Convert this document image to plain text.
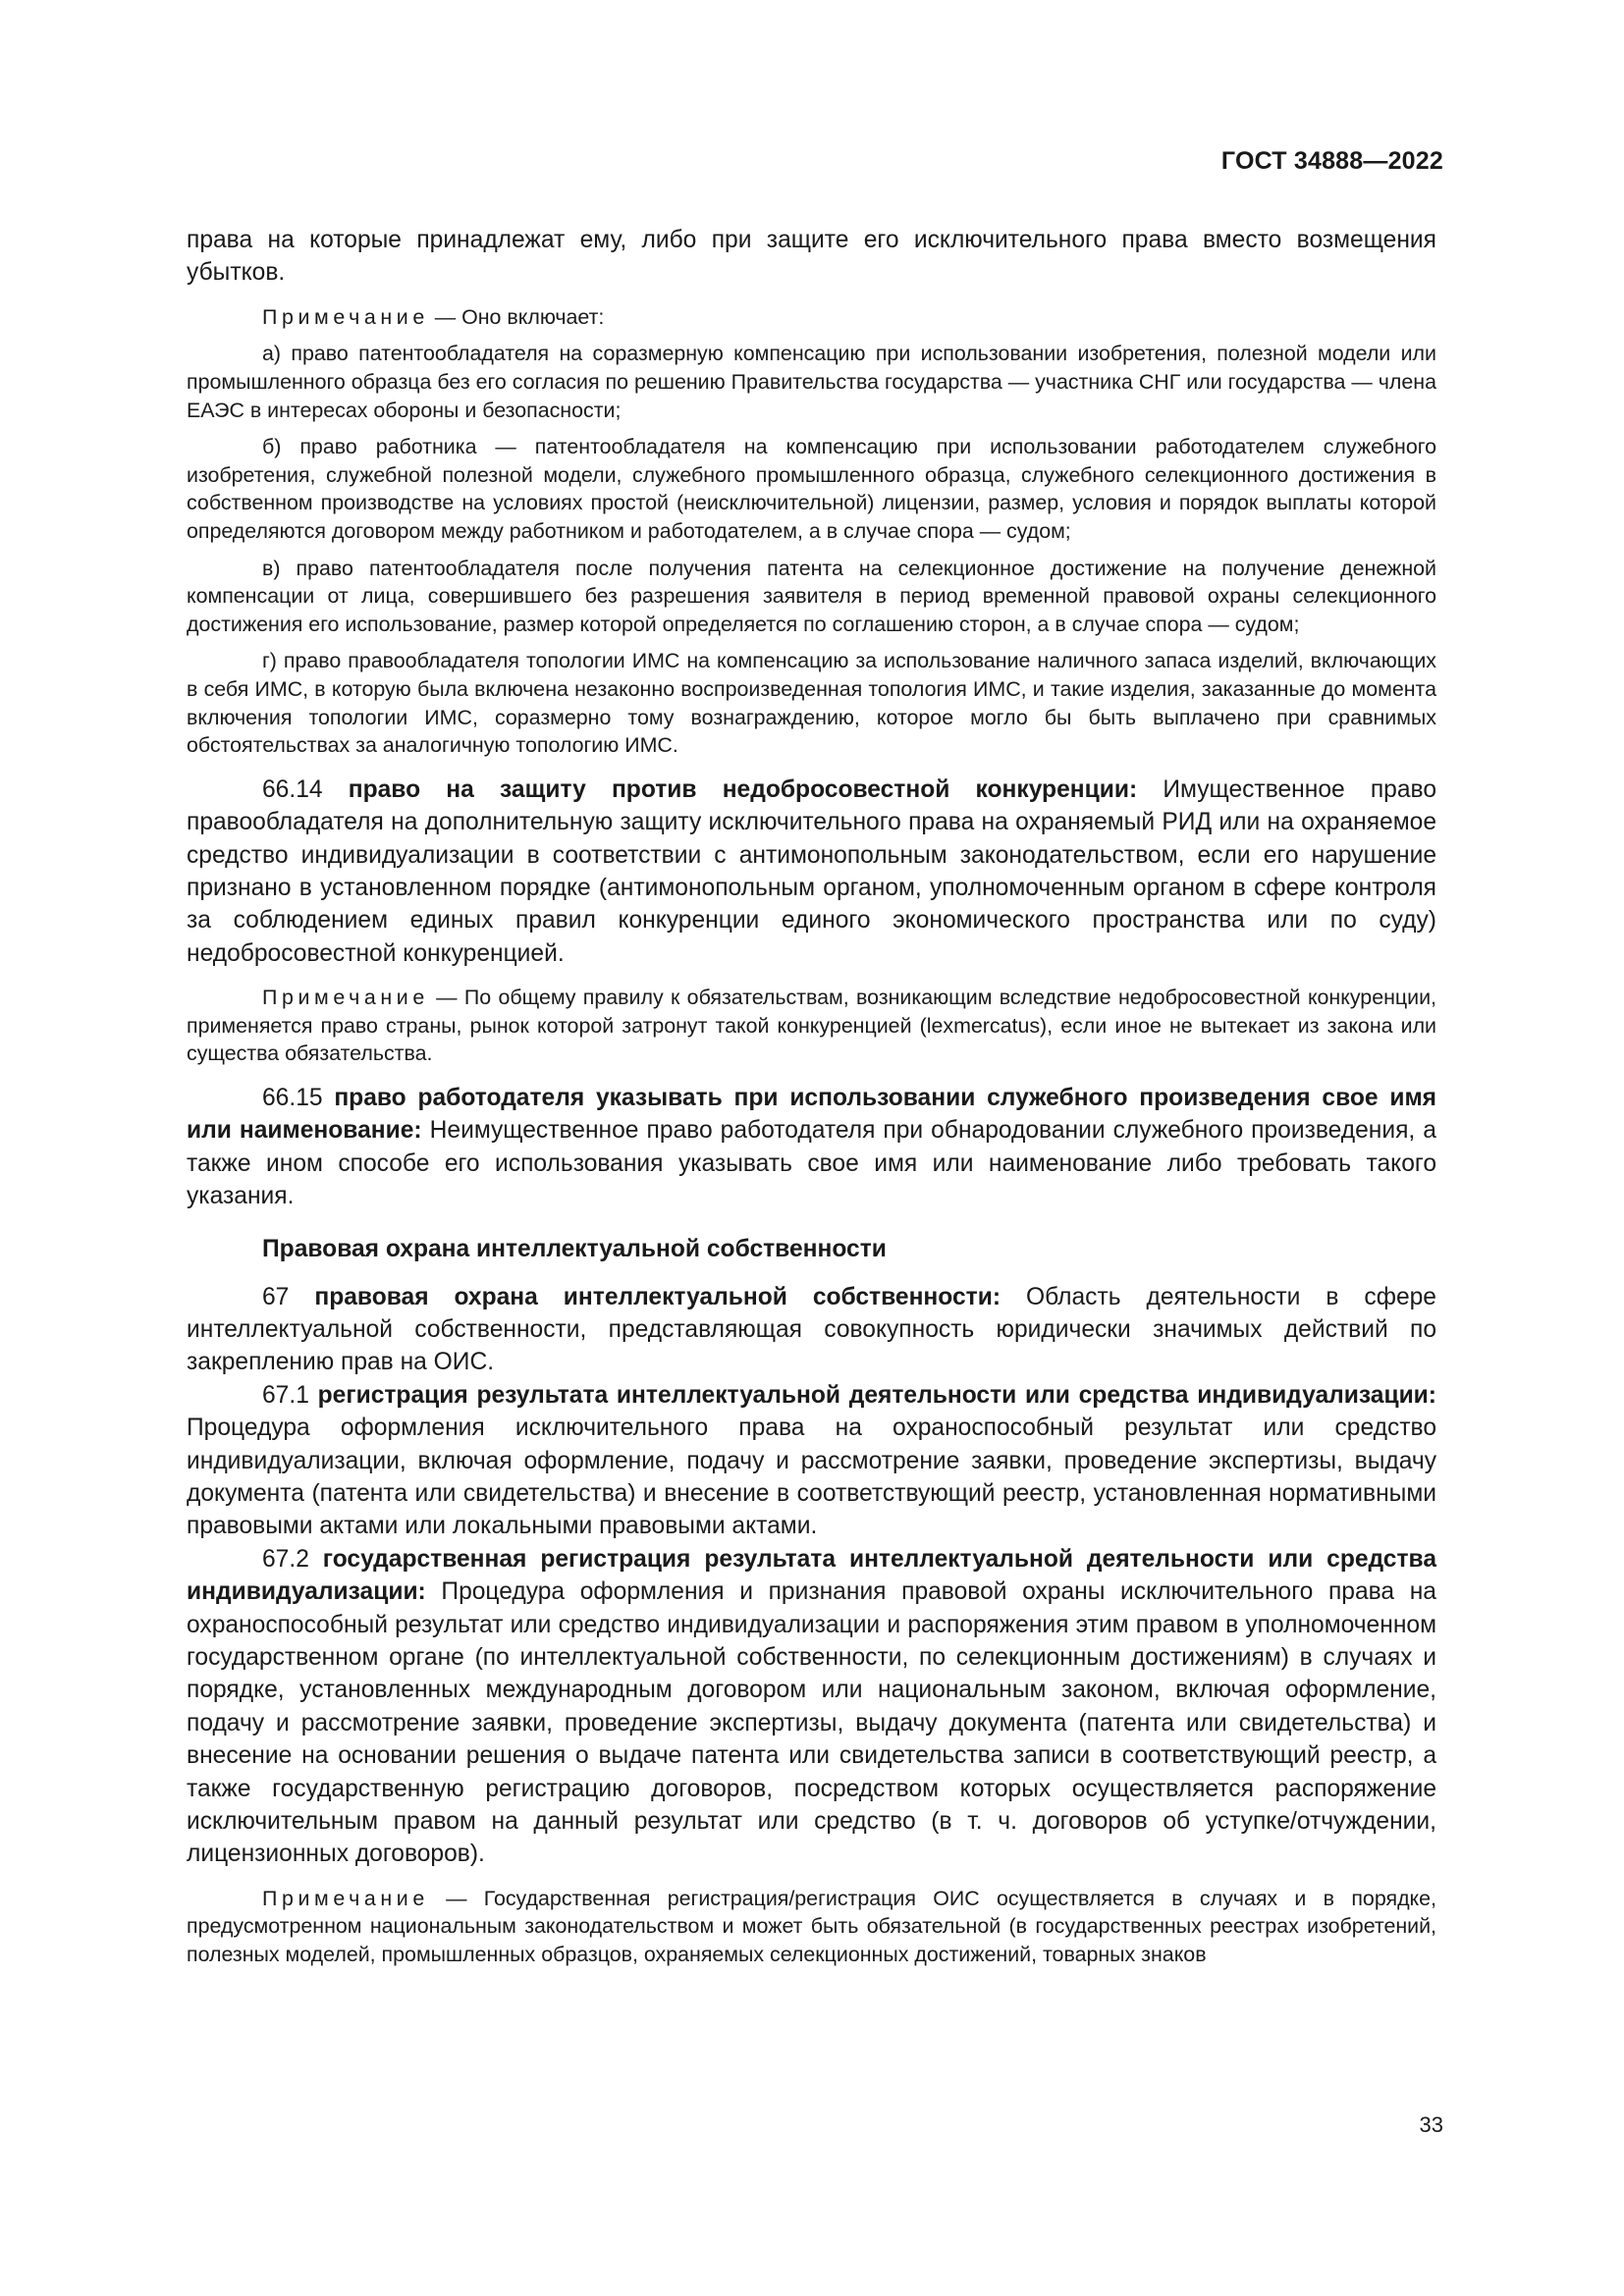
ГОСТ 34888—2022

права на которые принадлежат ему, либо при защите его исключительного права вместо возмещения убытков.

Примечание — Оно включает:

а) право патентообладателя на соразмерную компенсацию при использовании изобретения, полезной модели или промышленного образца без его согласия по решению Правительства государства — участника СНГ или государства — члена ЕАЭС в интересах обороны и безопасности;

б) право работника — патентообладателя на компенсацию при использовании работодателем служебного изобретения, служебной полезной модели, служебного промышленного образца, служебного селекционного достижения в собственном производстве на условиях простой (неисключительной) лицензии, размер, условия и порядок выплаты которой определяются договором между работником и работодателем, а в случае спора — судом;

в) право патентообладателя после получения патента на селекционное достижение на получение денежной компенсации от лица, совершившего без разрешения заявителя в период временной правовой охраны селекционного достижения его использование, размер которой определяется по соглашению сторон, а в случае спора — судом;

г) право правообладателя топологии ИМС на компенсацию за использование наличного запаса изделий, включающих в себя ИМС, в которую была включена незаконно воспроизведенная топология ИМС, и такие изделия, заказанные до момента включения топологии ИМС, соразмерно тому вознаграждению, которое могло бы быть выплачено при сравнимых обстоятельствах за аналогичную топологию ИМС.

66.14 право на защиту против недобросовестной конкуренции: Имущественное право правообладателя на дополнительную защиту исключительного права на охраняемый РИД или на охраняемое средство индивидуализации в соответствии с антимонопольным законодательством, если его нарушение признано в установленном порядке (антимонопольным органом, уполномоченным органом в сфере контроля за соблюдением единых правил конкуренции единого экономического пространства или по суду) недобросовестной конкуренцией.

Примечание — По общему правилу к обязательствам, возникающим вследствие недобросовестной конкуренции, применяется право страны, рынок которой затронут такой конкуренцией (lexmercatus), если иное не вытекает из закона или существа обязательства.

66.15 право работодателя указывать при использовании служебного произведения свое имя или наименование: Неимущественное право работодателя при обнародовании служебного произведения, а также ином способе его использования указывать свое имя или наименование либо требовать такого указания.

Правовая охрана интеллектуальной собственности

67 правовая охрана интеллектуальной собственности: Область деятельности в сфере интеллектуальной собственности, представляющая совокупность юридически значимых действий по закреплению прав на ОИС.

67.1 регистрация результата интеллектуальной деятельности или средства индивидуализации: Процедура оформления исключительного права на охраноспособный результат или средство индивидуализации, включая оформление, подачу и рассмотрение заявки, проведение экспертизы, выдачу документа (патента или свидетельства) и внесение в соответствующий реестр, установленная нормативными правовыми актами или локальными правовыми актами.

67.2 государственная регистрация результата интеллектуальной деятельности или средства индивидуализации: Процедура оформления и признания правовой охраны исключительного права на охраноспособный результат или средство индивидуализации и распоряжения этим правом в уполномоченном государственном органе (по интеллектуальной собственности, по селекционным достижениям) в случаях и порядке, установленных международным договором или национальным законом, включая оформление, подачу и рассмотрение заявки, проведение экспертизы, выдачу документа (патента или свидетельства) и внесение на основании решения о выдаче патента или свидетельства записи в соответствующий реестр, а также государственную регистрацию договоров, посредством которых осуществляется распоряжение исключительным правом на данный результат или средство (в т. ч. договоров об уступке/отчуждении, лицензионных договоров).

Примечание — Государственная регистрация/регистрация ОИС осуществляется в случаях и в порядке, предусмотренном национальным законодательством и может быть обязательной (в государственных реестрах изобретений, полезных моделей, промышленных образцов, охраняемых селекционных достижений, товарных знаков

33
